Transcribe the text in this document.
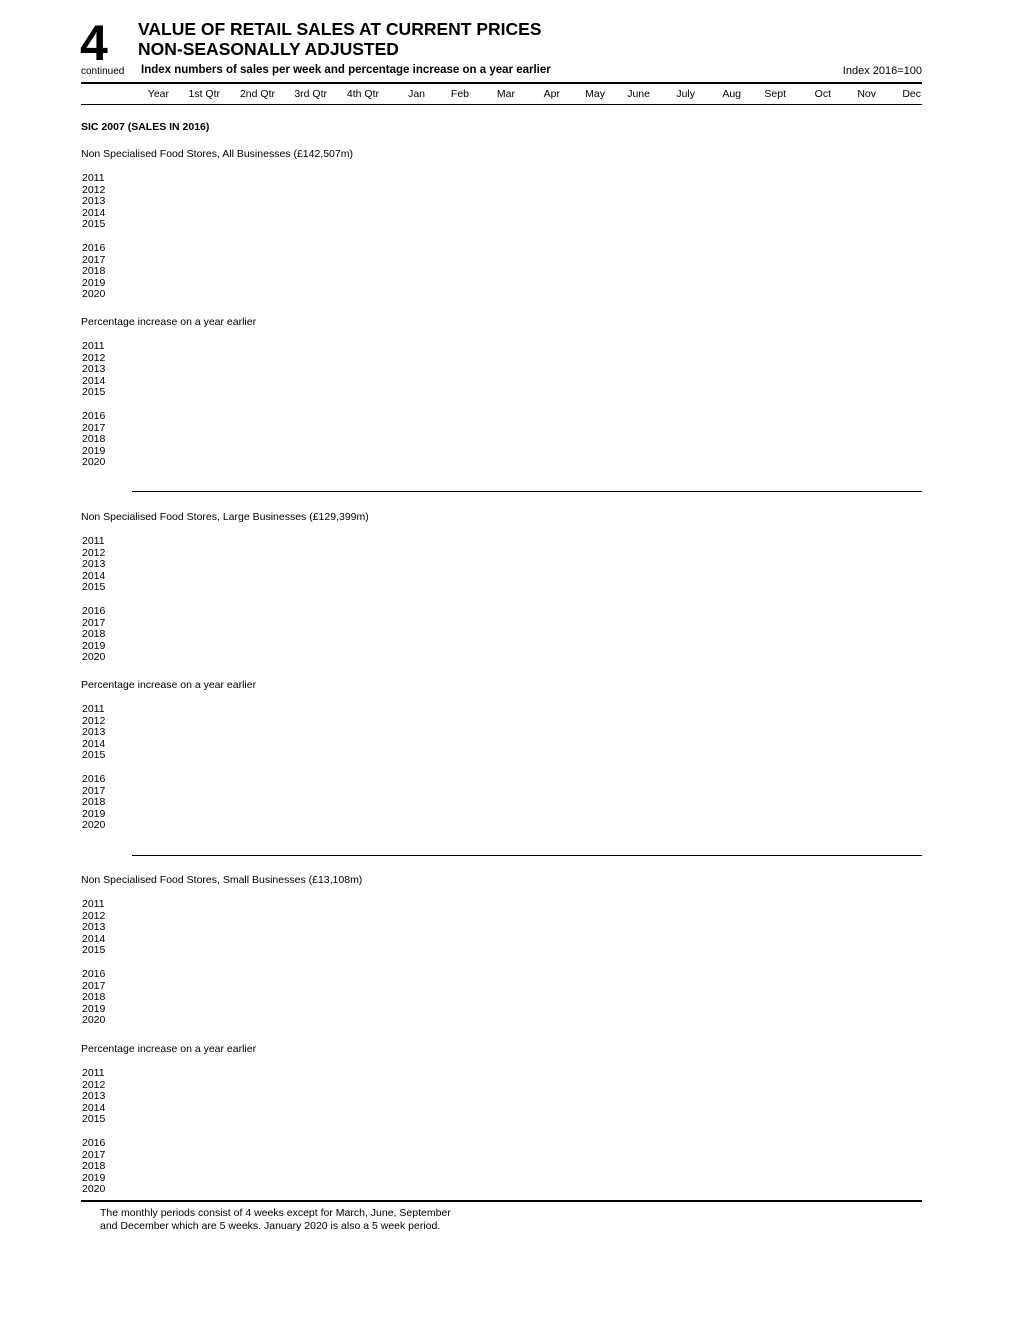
4 VALUE OF RETAIL SALES AT CURRENT PRICES
NON-SEASONALLY ADJUSTED
continued Index numbers of sales per week and percentage increase on a year earlier	Index 2016=100
Year 1st Qtr 2nd Qtr 3rd Qtr 4th Qtr	Jan Feb	Mar	Apr May June	July	Aug Sept	Oct	Nov	Dec
SIC 2007 (SALES IN 2016)
Non Specialised Food Stores, All Businesses (£142,507m)
2011
2012
2013
2014
2015
2016
2017
2018
2019
2020
Percentage increase on a year earlier
2011
2012
2013
2014
2015
2016
2017
2018
2019
2020
Non Specialised Food Stores, Large Businesses (£129,399m)
2011
2012
2013
2014
2015
2016
2017
2018
2019
2020
Percentage increase on a year earlier
2011
2012
2013
2014
2015
2016
2017
2018
2019
2020
Non Specialised Food Stores, Small Businesses (£13,108m)
2011
2012
2013
2014
2015
2016
2017
2018
2019
2020
Percentage increase on a year earlier
2011
2012
2013
2014
2015
2016
2017
2018
2019
2020
The monthly periods consist of 4 weeks except for March, June, September
and December which are 5 weeks. January 2020 is also a 5 week period.
